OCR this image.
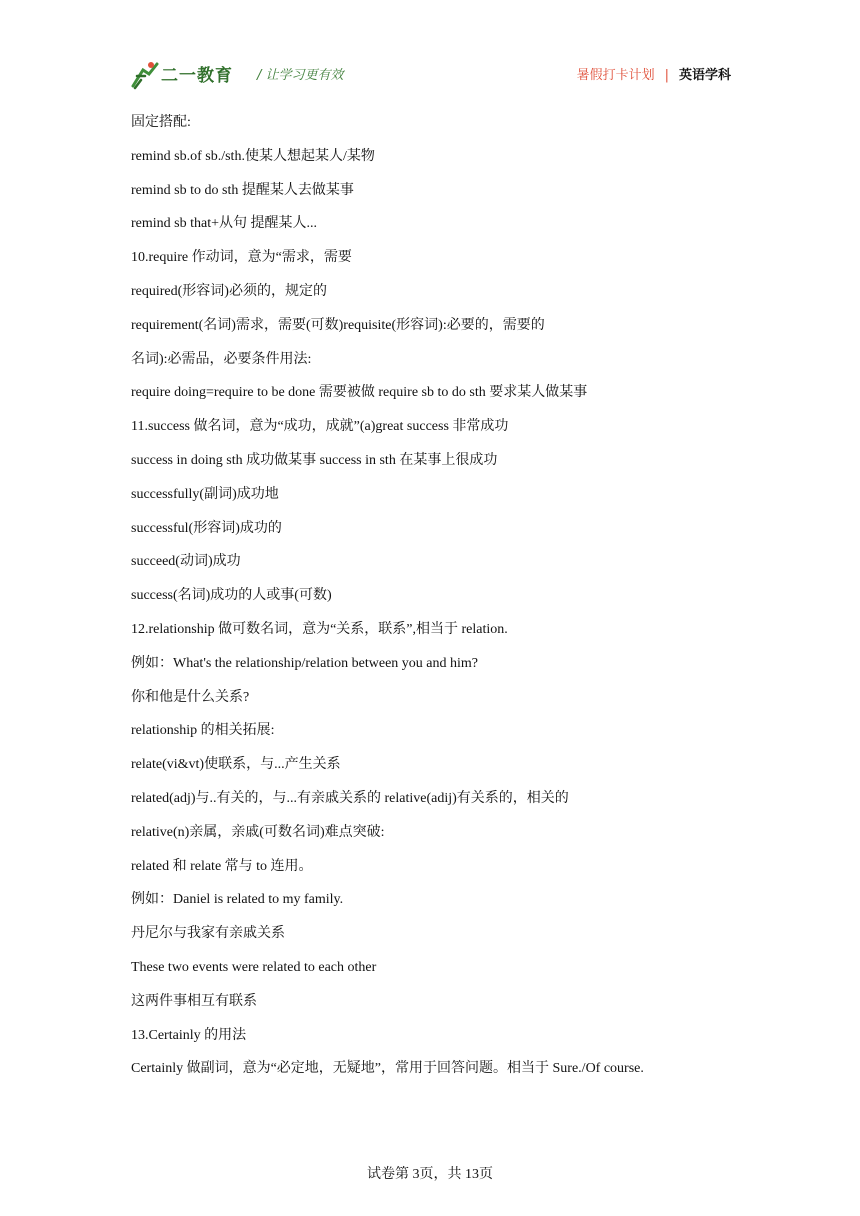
二一教育 / 让学习更有效	暑假打卡计划 | 英语学科
固定搭配:
remind sb.of sb./sth.使某人想起某人/某物
remind sb to do sth 提醒某人去做某事
remind sb that+从句 提醒某人...
10.require 作动词，意为“需求，需要
required(形容词)必须的，规定的
requirement(名词)需求，需要(可数)requisite(形容词):必要的，需要的
名词):必需品，必要条件用法:
require doing=require to be done 需要被做 require sb to do sth 要求某人做某事
11.success 做名词，意为“成功，成就”(a)great success 非常成功
success in doing sth 成功做某事 success in sth 在某事上很成功
successfully(副词)成功地
successful(形容词)成功的
succeed(动词)成功
success(名词)成功的人或事(可数)
12.relationship 做可数名词，意为“关系，联系”,相当于 relation.
例如：What's the relationship/relation between you and him?
你和他是什么关系?
relationship 的相关拓展:
relate(vi&vt)使联系，与...产生关系
related(adj)与..有关的，与...有亲戚关系的 relative(adij)有关系的，相关的
relative(n)亲属，亲戚(可数名词)难点突破:
related 和 relate 常与 to 连用。
例如：Daniel is related to my family.
丹尼尔与我家有亲戚关系
These two events were related to each other
这两件事相互有联系
13.Certainly 的用法
Certainly 做副词，意为“必定地，无疑地”，常用于回答问题。相当于 Sure./Of course.
试卷第 3页，共 13页
